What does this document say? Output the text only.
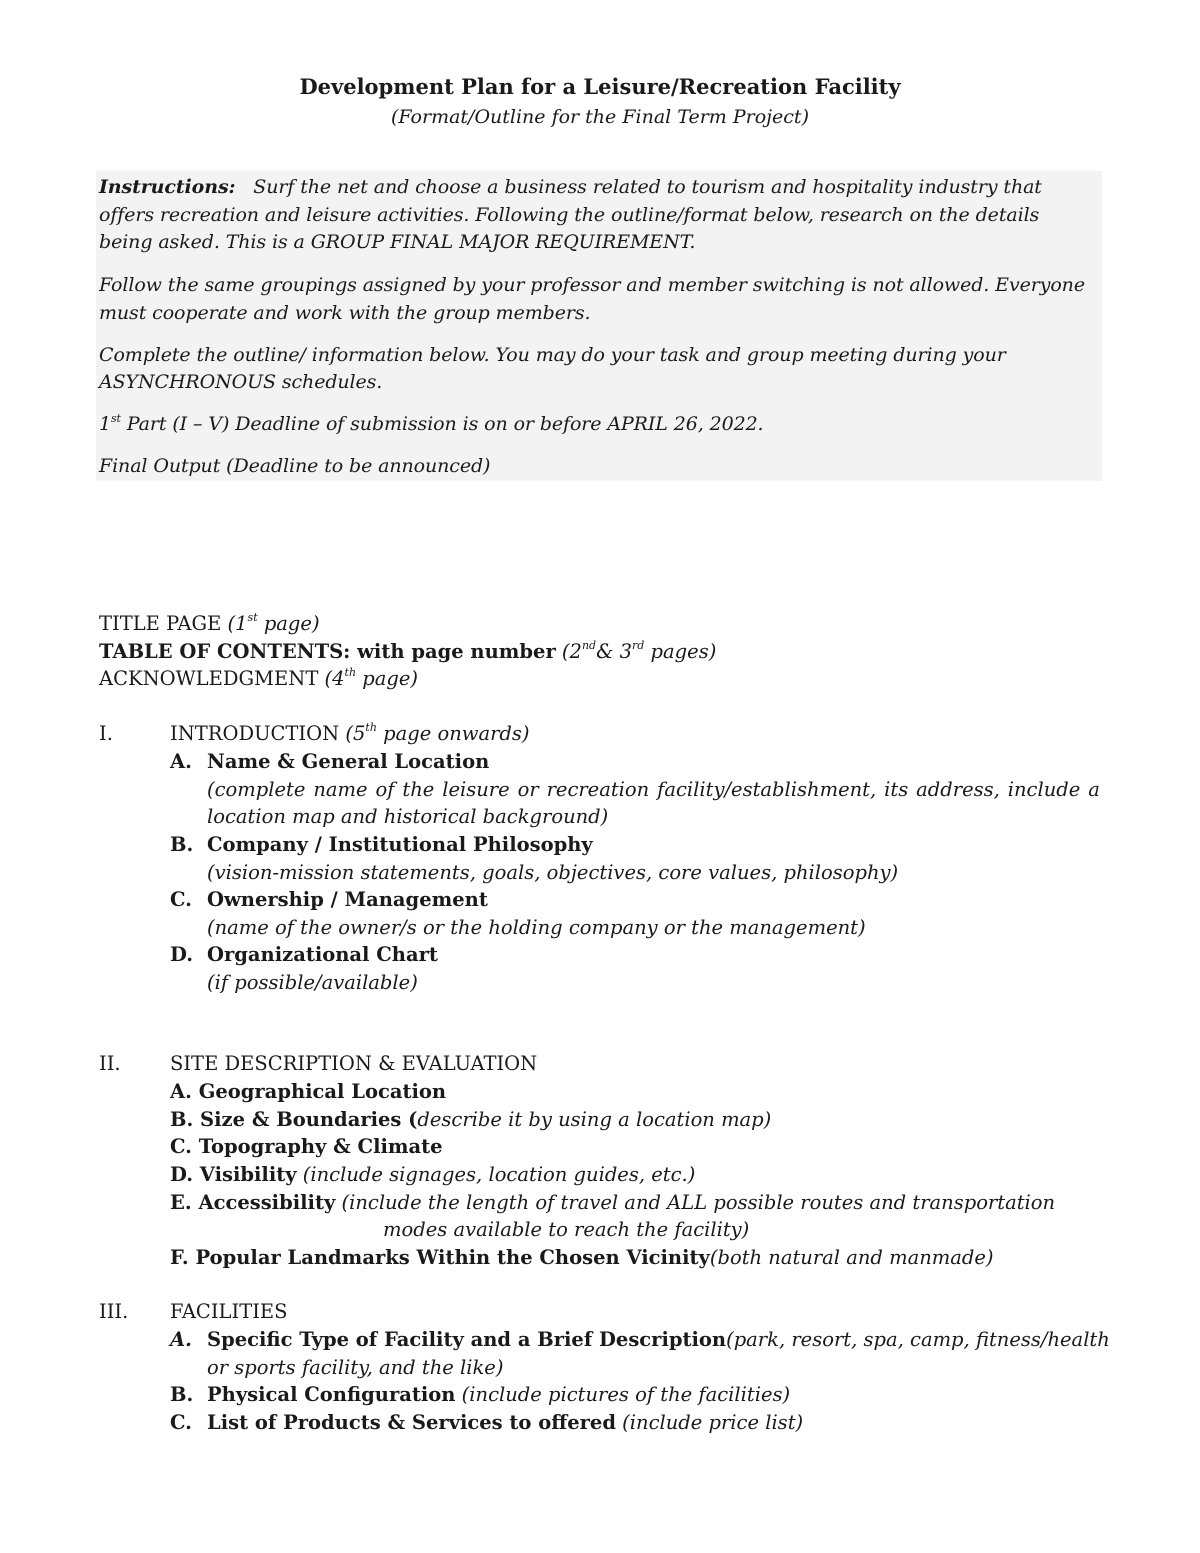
Development Plan for a Leisure/Recreation Facility
(Format/Outline for the Final Term Project)
Instructions: Surf the net and choose a business related to tourism and hospitality industry that
offers recreation and leisure activities. Following the outline/format below, research on the details
being asked. This is a GROUP FINAL MAJOR REQUIREMENT.
Follow the same groupings assigned by your professor and member switching is not allowed. Everyone
must cooperate and work with the group members.
Complete the outline/ information below. You may do your task and group meeting during your
ASYNCHRONOUS schedules.
1st Part (I – V) Deadline of submission is on or before APRIL 26, 2022.
Final Output (Deadline to be announced)
TITLE PAGE (1st page)
TABLE OF CONTENTS: with page number (2nd& 3rd pages)
ACKNOWLEDGMENT (4th page)
I.	INTRODUCTION (5th page onwards)
A. Name & General Location
(complete name of the leisure or recreation facility/establishment, its address, include a
location map and historical background)
B. Company / Institutional Philosophy
(vision-mission statements, goals, objectives, core values, philosophy)
C. Ownership / Management
(name of the owner/s or the holding company or the management)
D. Organizational Chart
(if possible/available)
II.	SITE DESCRIPTION & EVALUATION
A. Geographical Location
B. Size & Boundaries (describe it by using a location map)
C. Topography & Climate
D. Visibility (include signages, location guides, etc.)
E. Accessibility (include the length of travel and ALL possible routes and transportation
modes available to reach the facility)
F. Popular Landmarks Within the Chosen Vicinity(both natural and manmade)
III. FACILITIES
A. Specific Type of Facility and a Brief Description(park, resort, spa, camp, fitness/health
or sports facility, and the like)
B. Physical Configuration (include pictures of the facilities)
C. List of Products & Services to offered (include price list)
